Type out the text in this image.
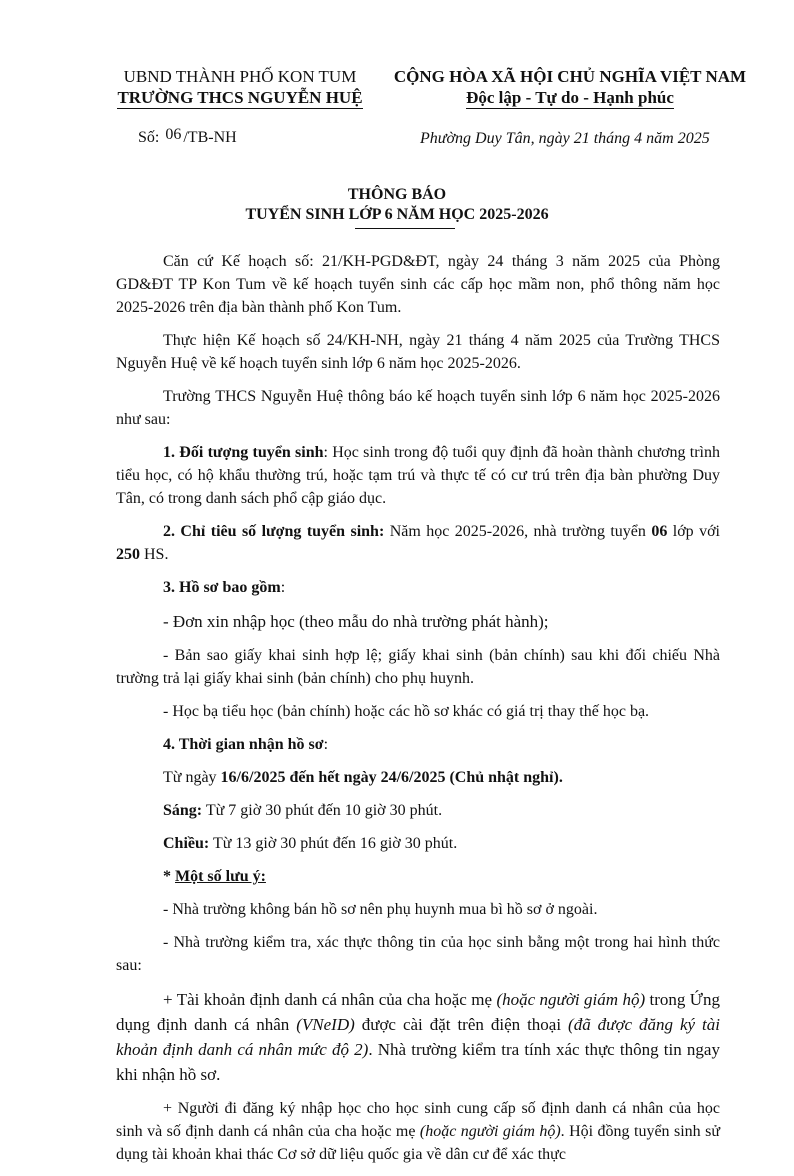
UBND THÀNH PHỐ KON TUM
TRƯỜNG THCS NGUYỄN HUỆ
CỘNG HÒA XÃ HỘI CHỦ NGHĨA VIỆT NAM
Độc lập - Tự do - Hạnh phúc
Số: 06 /TB-NH	Phường Duy Tân, ngày 21 tháng 4 năm 2025
THÔNG BÁO
TUYỂN SINH LỚP 6 NĂM HỌC 2025-2026

Căn cứ Kế hoạch số: 21/KH-PGD&ĐT, ngày 24 tháng 3 năm 2025 của Phòng GD&ĐT TP Kon Tum về kế hoạch tuyển sinh các cấp học mầm non, phổ thông năm học 2025-2026 trên địa bàn thành phố Kon Tum.

Thực hiện Kế hoạch số 24/KH-NH, ngày 21 tháng 4 năm 2025 của Trường THCS Nguyễn Huệ về kế hoạch tuyển sinh lớp 6 năm học 2025-2026.

Trường THCS Nguyễn Huệ thông báo kế hoạch tuyển sinh lớp 6 năm học 2025-2026 như sau:

1. Đối tượng tuyển sinh: Học sinh trong độ tuổi quy định đã hoàn thành chương trình tiểu học, có hộ khẩu thường trú, hoặc tạm trú và thực tế có cư trú trên địa bàn phường Duy Tân, có trong danh sách phổ cập giáo dục.

2. Chỉ tiêu số lượng tuyển sinh: Năm học 2025-2026, nhà trường tuyển 06 lớp với 250 HS.

3. Hồ sơ bao gồm:

- Đơn xin nhập học (theo mẫu do nhà trường phát hành);

- Bản sao giấy khai sinh hợp lệ; giấy khai sinh (bản chính) sau khi đối chiếu Nhà trường trả lại giấy khai sinh (bản chính) cho phụ huynh.

- Học bạ tiểu học (bản chính) hoặc các hồ sơ khác có giá trị thay thế học bạ.

4. Thời gian nhận hồ sơ:

Từ ngày 16/6/2025 đến hết ngày 24/6/2025 (Chủ nhật nghỉ).

Sáng: Từ 7 giờ 30 phút đến 10 giờ 30 phút.

Chiều: Từ 13 giờ 30 phút đến 16 giờ 30 phút.

* Một số lưu ý:

- Nhà trường không bán hồ sơ nên phụ huynh mua bì hồ sơ ở ngoài.

- Nhà trường kiểm tra, xác thực thông tin của học sinh bằng một trong hai hình thức sau:

+ Tài khoản định danh cá nhân của cha hoặc mẹ (hoặc người giám hộ) trong Ứng dụng định danh cá nhân (VNeID) được cài đặt trên điện thoại (đã được đăng ký tài khoản định danh cá nhân mức độ 2). Nhà trường kiểm tra tính xác thực thông tin ngay khi nhận hồ sơ.

+ Người đi đăng ký nhập học cho học sinh cung cấp số định danh cá nhân của học sinh và số định danh cá nhân của cha hoặc mẹ (hoặc người giám hộ). Hội đồng tuyển sinh sử dụng tài khoản khai thác Cơ sở dữ liệu quốc gia về dân cư để xác thực
